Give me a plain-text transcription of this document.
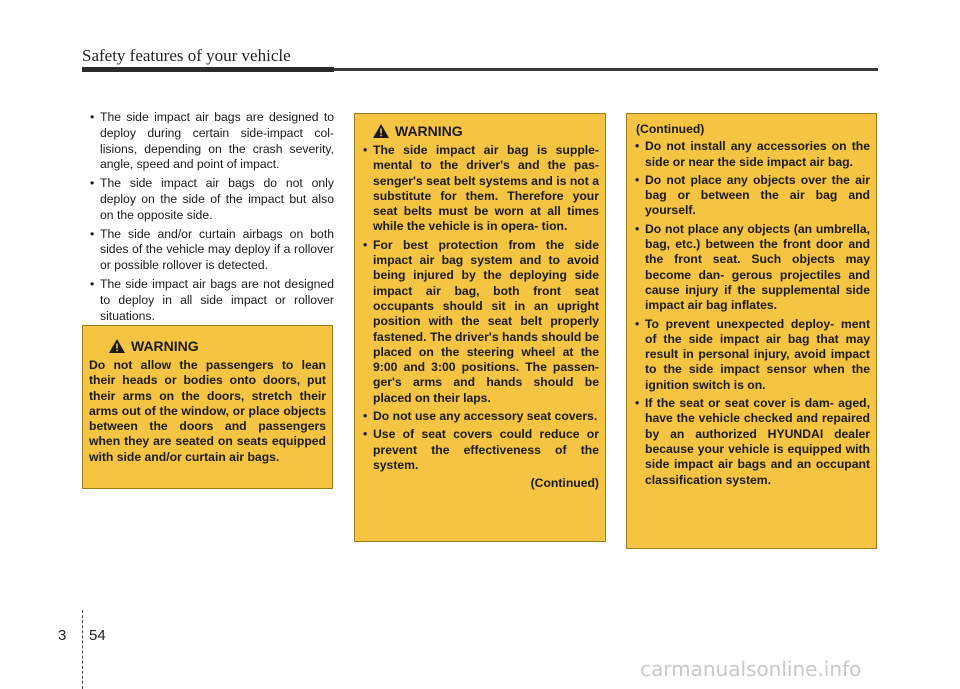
Safety features of your vehicle
• The side impact air bags are designed to deploy during certain side-impact col- lisions, depending on the crash severity, angle, speed and point of impact.
• The side impact air bags do not only deploy on the side of the impact but also on the opposite side.
• The side and/or curtain airbags on both sides of the vehicle may deploy if a rollover or possible rollover is detected.
• The side impact air bags are not designed to deploy in all side impact or rollover situations.
WARNING

Do not allow the passengers to lean their heads or bodies onto doors, put their arms on the doors, stretch their arms out of the window, or place objects between the doors and passengers when they are seated on seats equipped with side and/or curtain air bags.

WARNING
• The side impact air bag is supple- mental to the driver's and the pas- senger's seat belt systems and is not a substitute for them. Therefore your seat belts must be worn at all times while the vehicle is in opera- tion.
• For best protection from the side impact air bag system and to avoid being injured by the deploying side impact air bag, both front seat occupants should sit in an upright position with the seat belt properly fastened. The driver's hands should be placed on the steering wheel at the 9:00 and 3:00 positions. The passen- ger's arms and hands should be placed on their laps.
• Do not use any accessory seat covers.
• Use of seat covers could reduce or prevent the effectiveness of the system.
(Continued)

(Continued)

• Do not install any accessories on the side or near the side impact air bag.
• Do not place any objects over the air bag or between the air bag and yourself.
• Do not place any objects (an umbrella, bag, etc.) between the front door and the front seat. Such objects may become dan- gerous projectiles and cause injury if the supplemental side impact air bag inflates.
• To prevent unexpected deploy- ment of the side impact air bag that may result in personal injury, avoid impact to the side impact sensor when the ignition switch is on.
• If the seat or seat cover is dam- aged, have the vehicle checked and repaired by an authorized HYUNDAI dealer because your vehicle is equipped with side impact air bags and an occupant classification system.
3 54
carmanualsonline.info
